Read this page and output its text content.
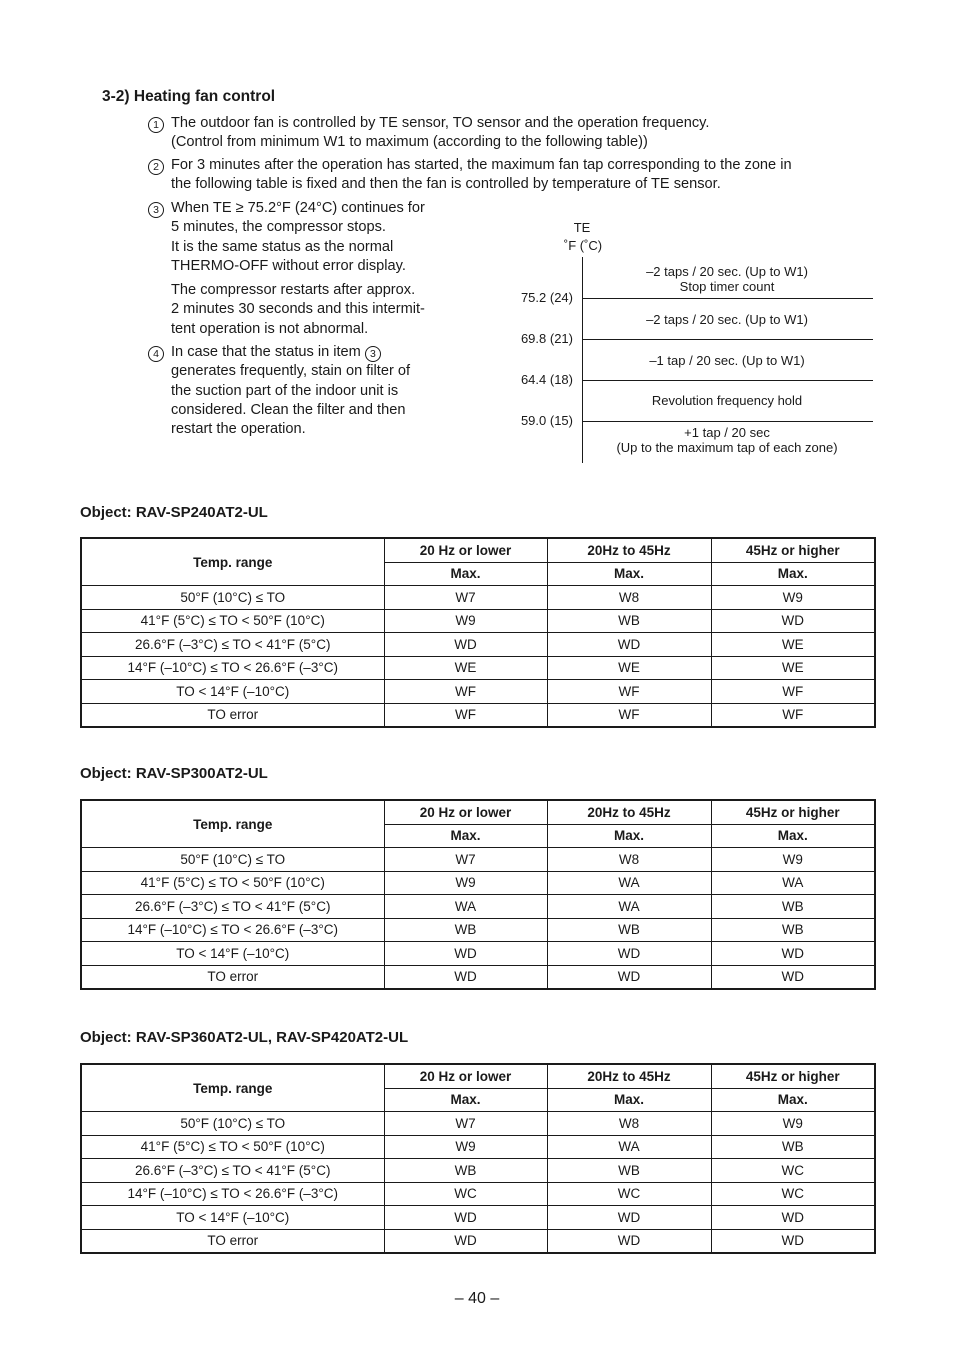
3-2) Heating fan control
1 The outdoor fan is controlled by TE sensor, TO sensor and the operation frequency.
(Control from minimum W1 to maximum (according to the following table))
2 For 3 minutes after the operation has started, the maximum fan tap corresponding to the zone in
the following table is fixed and then the fan is controlled by temperature of TE sensor.
3 When TE ≥ 75.2°F (24°C) continues for
5 minutes, the compressor stops.
It is the same status as the normal
THERMO-OFF without error display.
The compressor restarts after approx.
2 minutes 30 seconds and this intermit-
tent operation is not abnormal.
4 In case that the status in item 3
generates frequently, stain on filter of
the suction part of the indoor unit is
considered. Clean the filter and then
restart the operation.
TE
˚F (˚C)
75.2 (24)
69.8 (21)
64.4 (18)
59.0 (15)
–2 taps / 20 sec. (Up to W1)
Stop timer count
–2 taps / 20 sec. (Up to W1)
–1 tap / 20 sec. (Up to W1)
Revolution frequency hold
+1 tap / 20 sec
(Up to the maximum tap of each zone)
Object: RAV-SP240AT2-UL
Temp. range	20 Hz or lower	20Hz to 45Hz	45Hz or higher
	Max.	Max.	Max.
50°F (10°C) ≤ TO	W7	W8	W9
41°F (5°C) ≤ TO < 50°F (10°C)	W9	WB	WD
26.6°F (–3°C) ≤ TO < 41°F (5°C)	WD	WD	WE
14°F (–10°C) ≤ TO < 26.6°F (–3°C)	WE	WE	WE
TO < 14°F (–10°C)	WF	WF	WF
TO error	WF	WF	WF
Object: RAV-SP300AT2-UL
Temp. range	20 Hz or lower	20Hz to 45Hz	45Hz or higher
	Max.	Max.	Max.
50°F (10°C) ≤ TO	W7	W8	W9
41°F (5°C) ≤ TO < 50°F (10°C)	W9	WA	WA
26.6°F (–3°C) ≤ TO < 41°F (5°C)	WA	WA	WB
14°F (–10°C) ≤ TO < 26.6°F (–3°C)	WB	WB	WB
TO < 14°F (–10°C)	WD	WD	WD
TO error	WD	WD	WD
Object: RAV-SP360AT2-UL, RAV-SP420AT2-UL
Temp. range	20 Hz or lower	20Hz to 45Hz	45Hz or higher
	Max.	Max.	Max.
50°F (10°C) ≤ TO	W7	W8	W9
41°F (5°C) ≤ TO < 50°F (10°C)	W9	WA	WB
26.6°F (–3°C) ≤ TO < 41°F (5°C)	WB	WB	WC
14°F (–10°C) ≤ TO < 26.6°F (–3°C)	WC	WC	WC
TO < 14°F (–10°C)	WD	WD	WD
TO error	WD	WD	WD
– 40 –
